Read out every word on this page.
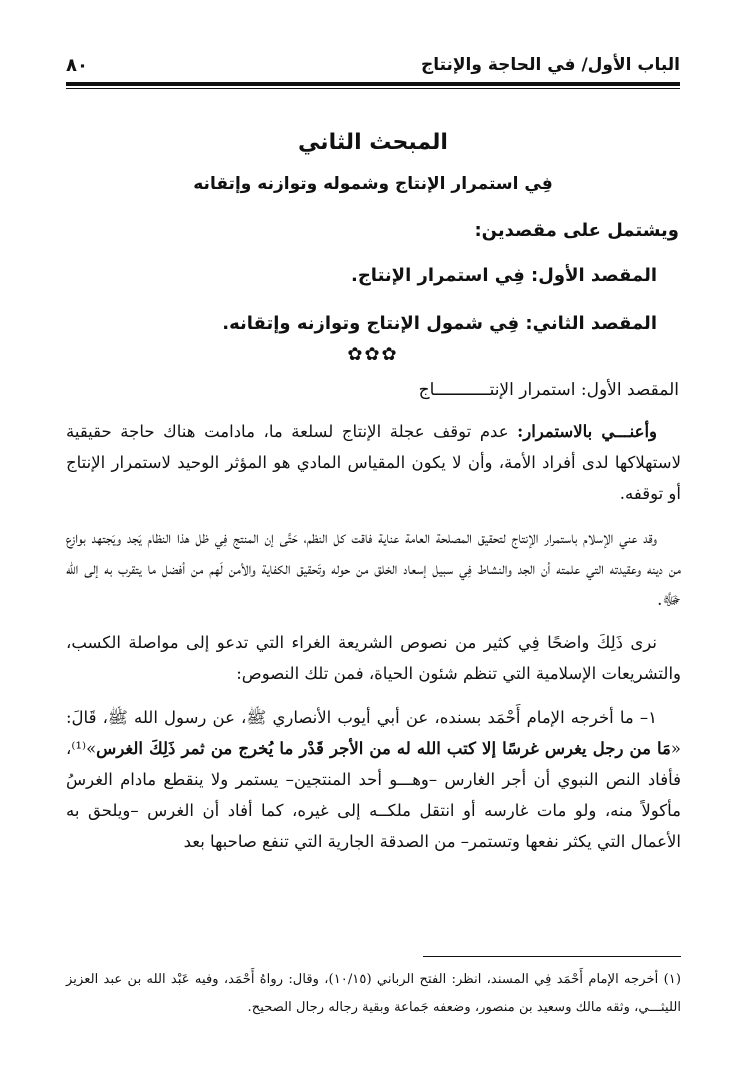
الباب الأول/ في الحاجة والإنتاج
٨٠
المبحث الثاني
فِي استمرار الإنتاج وشموله وتوازنه وإتقانه
ويشتمل على مقصدين:
المقصد الأول: فِي استمرار الإنتاج.
المقصد الثاني: فِي شمول الإنتاج وتوازنه وإتقانه.
✿✿✿
المقصد الأول: استمرار الإنتـــــــــــاج

وأعنـــي بالاستمرار: عدم توقف عجلة الإنتاج لسلعة ما، مادامت هناك حاجة حقيقية لاستهلاكها لدى أفراد الأمة، وأن لا يكون المقياس المادي هو المؤثر الوحيد لاستمرار الإنتاج أو توقفه.

وقد عني الإسلام باستمرار الإنتاج لتحقيق المصلحة العامة عناية فاقت كل النظم، حَتَّى إن المنتج فِي ظل هذا النظام يَجد ويَجتهد بوازع من دينه وعقيدته التي علمته أن الجد والنشاط فِي سبيل إسعاد الخلق من حوله وتَحقيق الكفاية والأمن لَهم من أفضل ما يتقرب به إلى الله ﷻ.

نرى ذَلِكَ واضحًا فِي كثير من نصوص الشريعة الغراء التي تدعو إلى مواصلة الكسب، والتشريعات الإسلامية التي تنظم شئون الحياة، فمن تلك النصوص:

١– ما أخرجه الإمام أَحْمَد بسنده، عن أبي أيوب الأنصاري ﷺ، عن رسول الله ﷺ، قَالَ: «مَا من رجل يغرس غرسًا إلا كتب الله له من الأجر قَدْر ما يُخرج من ثمر ذَلِكَ الغرس»⁽¹⁾، فأفاد النص النبوي أن أجر الغارس –وهـــو أحد المنتجين– يستمر ولا ينقطع مادام الغرسُ مأكولاً منه، ولو مات غارسه أو انتقل ملكــه إلى غيره، كما أفاد أن الغرس –ويلحق به الأعمال التي يكثر نفعها وتستمر– من الصدقة الجارية التي تنفع صاحبها بعد

(١) أخرجه الإمام أَحْمَد فِي المسند، انظر: الفتح الرباني (١٠/١٥)، وقال: رواهُ أَحْمَد، وفيه عَبْد الله بن عبد العزيز الليثـــي، وثقه مالك وسعيد بن منصور، وضعفه جَماعة وبقية رجاله رجال الصحيح.
